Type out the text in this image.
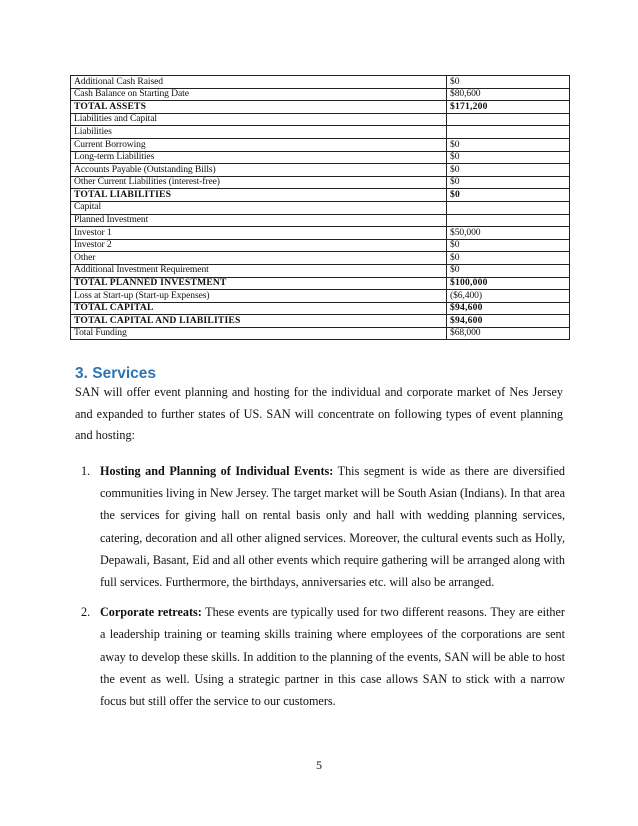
Additional Cash Raised	$0
Cash Balance on Starting Date	$80,600
TOTAL ASSETS	$171,200
Liabilities and Capital	
Liabilities	
Current Borrowing	$0
Long-term Liabilities	$0
Accounts Payable (Outstanding Bills)	$0
Other Current Liabilities (interest-free)	$0
TOTAL LIABILITIES	$0
Capital	
Planned Investment	
Investor 1	$50,000
Investor 2	$0
Other	$0
Additional Investment Requirement	$0
TOTAL PLANNED INVESTMENT	$100,000
Loss at Start-up (Start-up Expenses)	($6,400)
TOTAL CAPITAL	$94,600
TOTAL CAPITAL AND LIABILITIES	$94,600
Total Funding	$68,000
3. Services

SAN will offer event planning and hosting for the individual and corporate market of Nes Jersey and expanded to further states of US. SAN will concentrate on following types of event planning and hosting:

1. Hosting and Planning of Individual Events: This segment is wide as there are diversified communities living in New Jersey. The target market will be South Asian (Indians). In that area the services for giving hall on rental basis only and hall with wedding planning services, catering, decoration and all other aligned services. Moreover, the cultural events such as Holly, Depawali, Basant, Eid and all other events which require gathering will be arranged along with full services. Furthermore, the birthdays, anniversaries etc. will also be arranged.
2. Corporate retreats: These events are typically used for two different reasons. They are either a leadership training or teaming skills training where employees of the corporations are sent away to develop these skills. In addition to the planning of the events, SAN will be able to host the event as well. Using a strategic partner in this case allows SAN to stick with a narrow focus but still offer the service to our customers.
5
